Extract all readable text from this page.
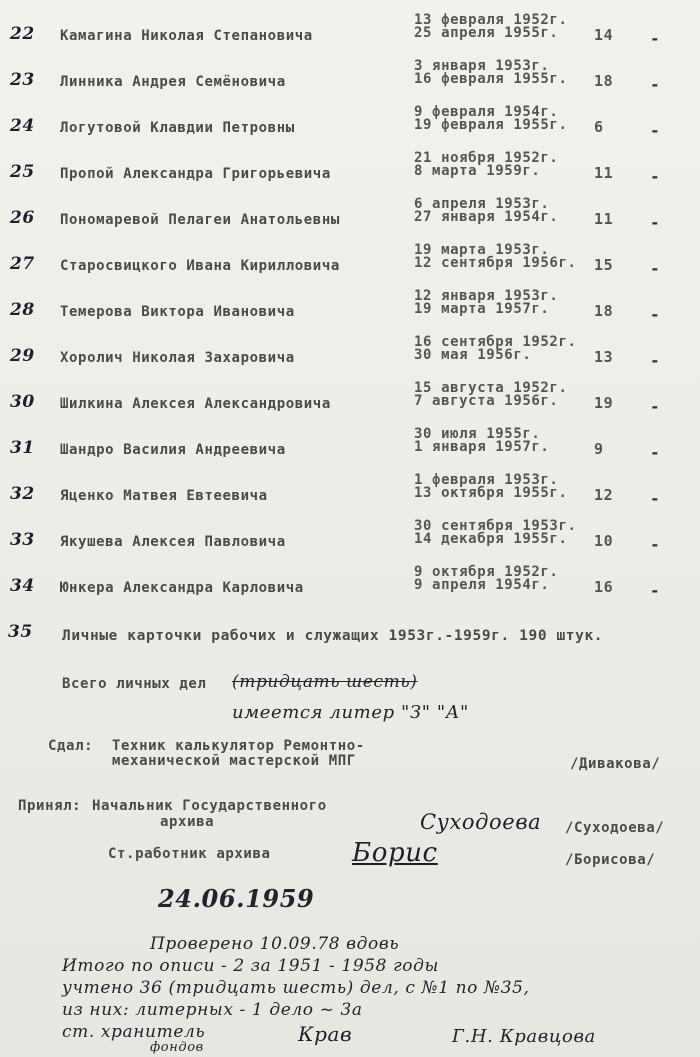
22 Камагина Николая Степановича
13 февраля 1952г.
25 апреля 1955г. 14 -
23 Линника Андрея Семёновича
3 января 1953г.
16 февраля 1955г. 18 -
24 Логутовой Клавдии Петровны
9 февраля 1954г.
19 февраля 1955г. 6	-
25 Пропой Александра Григорьевича
21 ноября 1952г.
8 марта 1959г.	11 -
26 Пономаревой Пелагеи Анатольевны
6 апреля 1953г.
27 января 1954г. 11 -
27 Старосвицкого Ивана Кирилловича
19 марта 1953г.
12 сентября 1956г. 15 -
28 Темерова Виктора Ивановича
12 января 1953г.
19 марта 1957г.	18 -
29 Хоролич Николая Захаровича
16 сентября 1952г.
30 мая 1956г.	13 -
30 Шилкина Алексея Александровича
15 августа 1952г.
7 августа 1956г. 19 -
31 Шандро Василия Андреевича
30 июля 1955г.
1 января 1957г.	9	-
32 Яценко Матвея Евтеевича
1 февраля 1953г.
13 октября 1955г. 12 -
33 Якушева Алексея Павловича
30 сентября 1953г.
14 декабря 1955г. 10 -
34 Юнкера Александра Карловича
9 октября 1952г.
9 апреля 1954г.	16 -
35 Личные карточки рабочих и служащих 1953г.-1959г. 190 штук.
Всего личных дел (тридцать шесть)
имеется литер "З" "А"
Сдал: Техник калькулятор Ремонтно-
механической мастерской МПГ	/Дивакова/
Принял: Начальник Государственного
архива	Суходоева /Суходоева/
Ст.работник архива	Борис	/Борисова/
24.06.1959
Проверено 10.09.78 вдовь
Итого по описи - 2 за 1951 - 1958 годы
учтено 36 (тридцать шесть) дел, с №1 по №35,
из них: литерных - 1 дело ~ 3а
ст. хранитель
фондов
Крав	Г.Н. Кравцова
